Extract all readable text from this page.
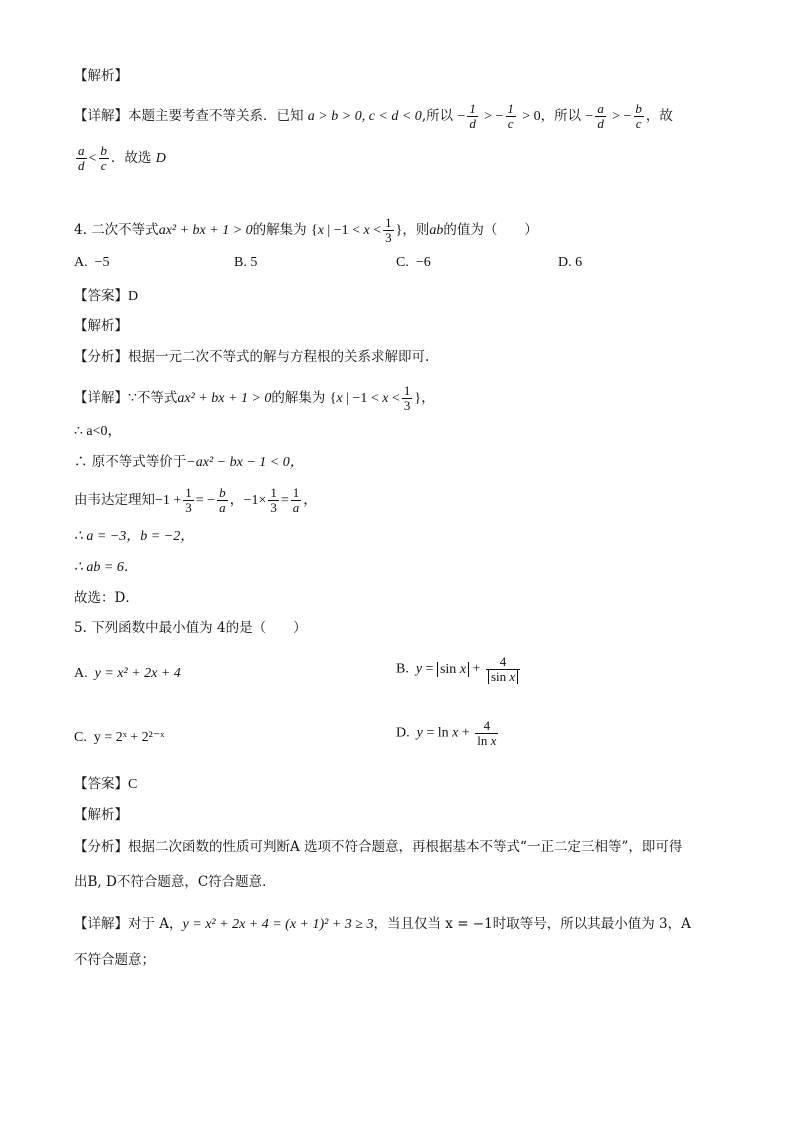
【解析】
【详解】本题主要考查不等关系．已知 a > b > 0, c < d < 0,所以 − $\frac{1}{d}$ > − $\frac{1}{c} > 0$，所以 − $\frac{a}{d}$ > − $\frac{b}{c}$ ，故
$\frac{a}{d} < \frac{b}{c}$ ．故选 D
4. 二次不等式ax² + bx + 1 > 0的解集为 {x | $-1 < x < \frac{1}{3}$ }，则ab的值为（　　）
A. −5	B. 5	C. −6	D. 6
【答案】D
【解析】
【分析】根据一元二次不等式的解与方程根的关系求解即可.
【详解】∵不等式ax² + bx + 1 > 0的解集为 {x | $-1 < x < \frac{1}{3}$ }，
∴ a<0，
∴ 原不等式等价于−ax² − bx − 1 < 0，
由韦达定理知$-1 + \frac{1}{3}$ = − $\frac{b}{a}$ ，$-1\times \frac{1}{3} = \frac{1}{a}$ ，
∴ a = −3，b = −2，
∴ ab = 6．
故选：D．
5. 下列函数中最小值为 4的是（　　）
A. y = x² + 2x + 4	B. $y = \sin x + \frac{4}{\text{sin x}}$
C. y = 2ˣ + 2²⁻ˣ	D. $y = \ln x + \frac{4}{\text{ln x}}$
【答案】C
【解析】
【分析】根据二次函数的性质可判断A 选项不符合题意，再根据基本不等式“一正二定三相等”，即可得
出B, D不符合题意，C符合题意．
【详解】对于 A，y = x² + 2x + 4 = (x + 1)² + 3 ≥ 3，当且仅当 x = −1时取等号，所以其最小值为 3，A
不符合题意；
